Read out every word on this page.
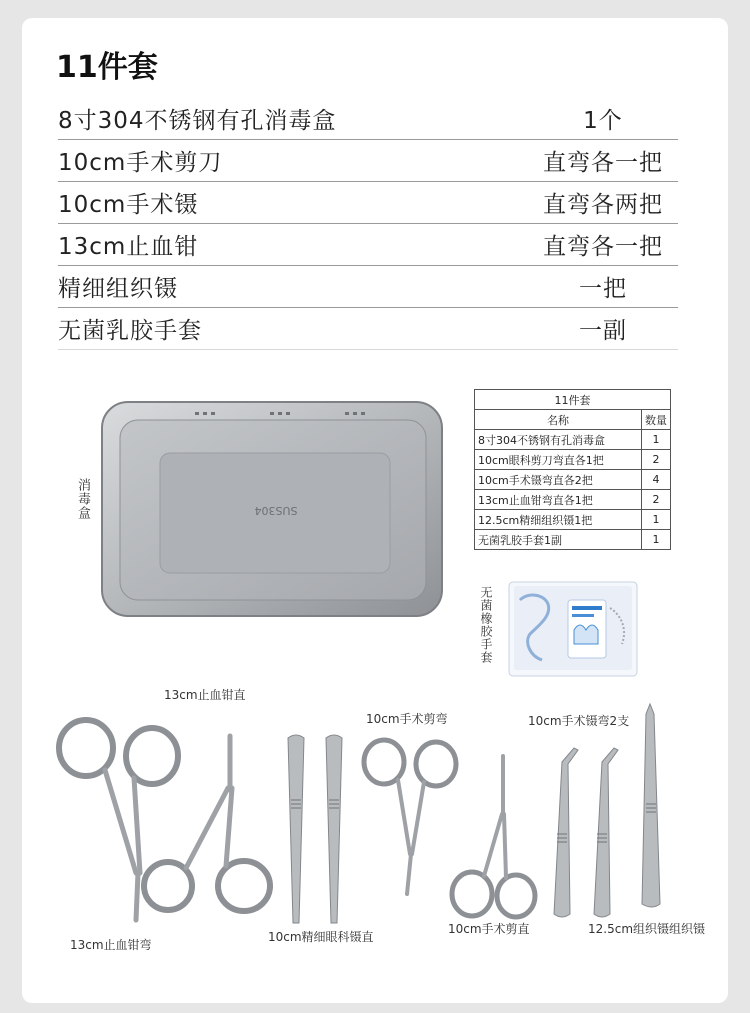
11件套
8寸304不锈钢有孔消毒盒	1个
10cm手术剪刀	直弯各一把
10cm手术镊	直弯各两把
13cm止血钳	直弯各一把
精细组织镊	一把
无菌乳胶手套	一副
消毒盒	SUS304
11件套	
名称	数量
8寸304不锈钢有孔消毒盒	1
10cm眼科剪刀弯直各1把	2
10cm手术镊弯直各2把	4
13cm止血钳弯直各1把	2
12.5cm精细组织镊1把	1
无菌乳胶手套1副	1
无菌橡胶手套
13cm止血钳直
13cm止血钳弯
10cm精细眼科镊直
10cm手术剪弯
10cm手术剪直
10cm手术镊弯2支
12.5cm组织镊组织镊
